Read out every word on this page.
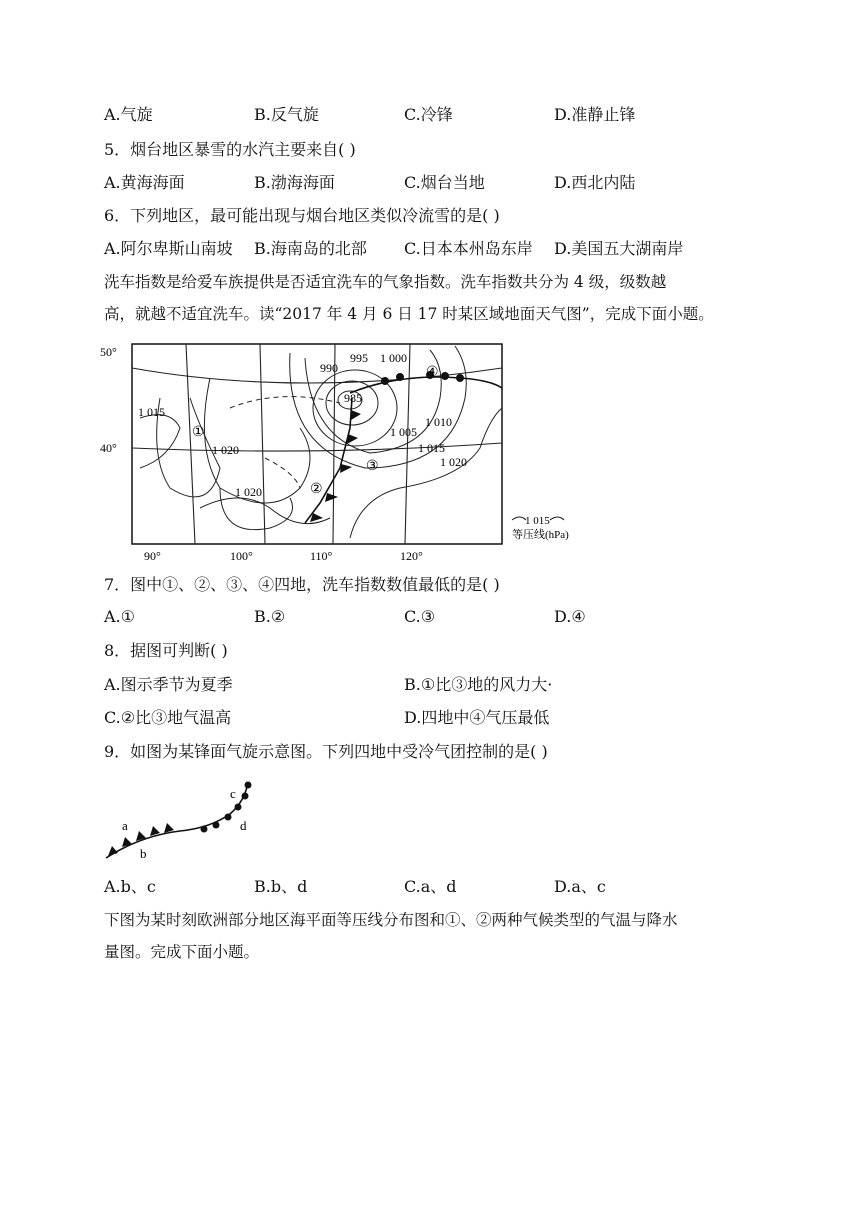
A.气旋	B.反气旋	C.冷锋	D.准静止锋
5．烟台地区暴雪的水汽主要来自( )
A.黄海海面	B.渤海海面	C.烟台当地	D.西北内陆
6．下列地区，最可能出现与烟台地区类似冷流雪的是( )
A.阿尔卑斯山南坡 B.海南岛的北部 C.日本本州岛东岸 D.美国五大湖南岸
洗车指数是给爱车族提供是否适宜洗车的气象指数。洗车指数共分为 4 级，级数越
高，就越不适宜洗车。读“2017 年 4 月 6 日 17 时某区域地面天气图”，完成下面小题。
50°
40°
90°	100°	110°	120°
990
995 1 000
985
1 005
1 010
1 015
1 020
1 020
1 015
1 020
①
②
③
④
1 015
等压线(hPa)
7．图中①、②、③、④四地，洗车指数数值最低的是( )
A.①	B.②	C.③	D.④
8．据图可判断( )
A.图示季节为夏季	B.①比③地的风力大·
C.②比③地气温高	D.四地中④气压最低
9．如图为某锋面气旋示意图。下列四地中受冷气团控制的是( )
a
b
c
d
A.b、c	B.b、d	C.a、d	D.a、c
下图为某时刻欧洲部分地区海平面等压线分布图和①、②两种气候类型的气温与降水
量图。完成下面小题。
